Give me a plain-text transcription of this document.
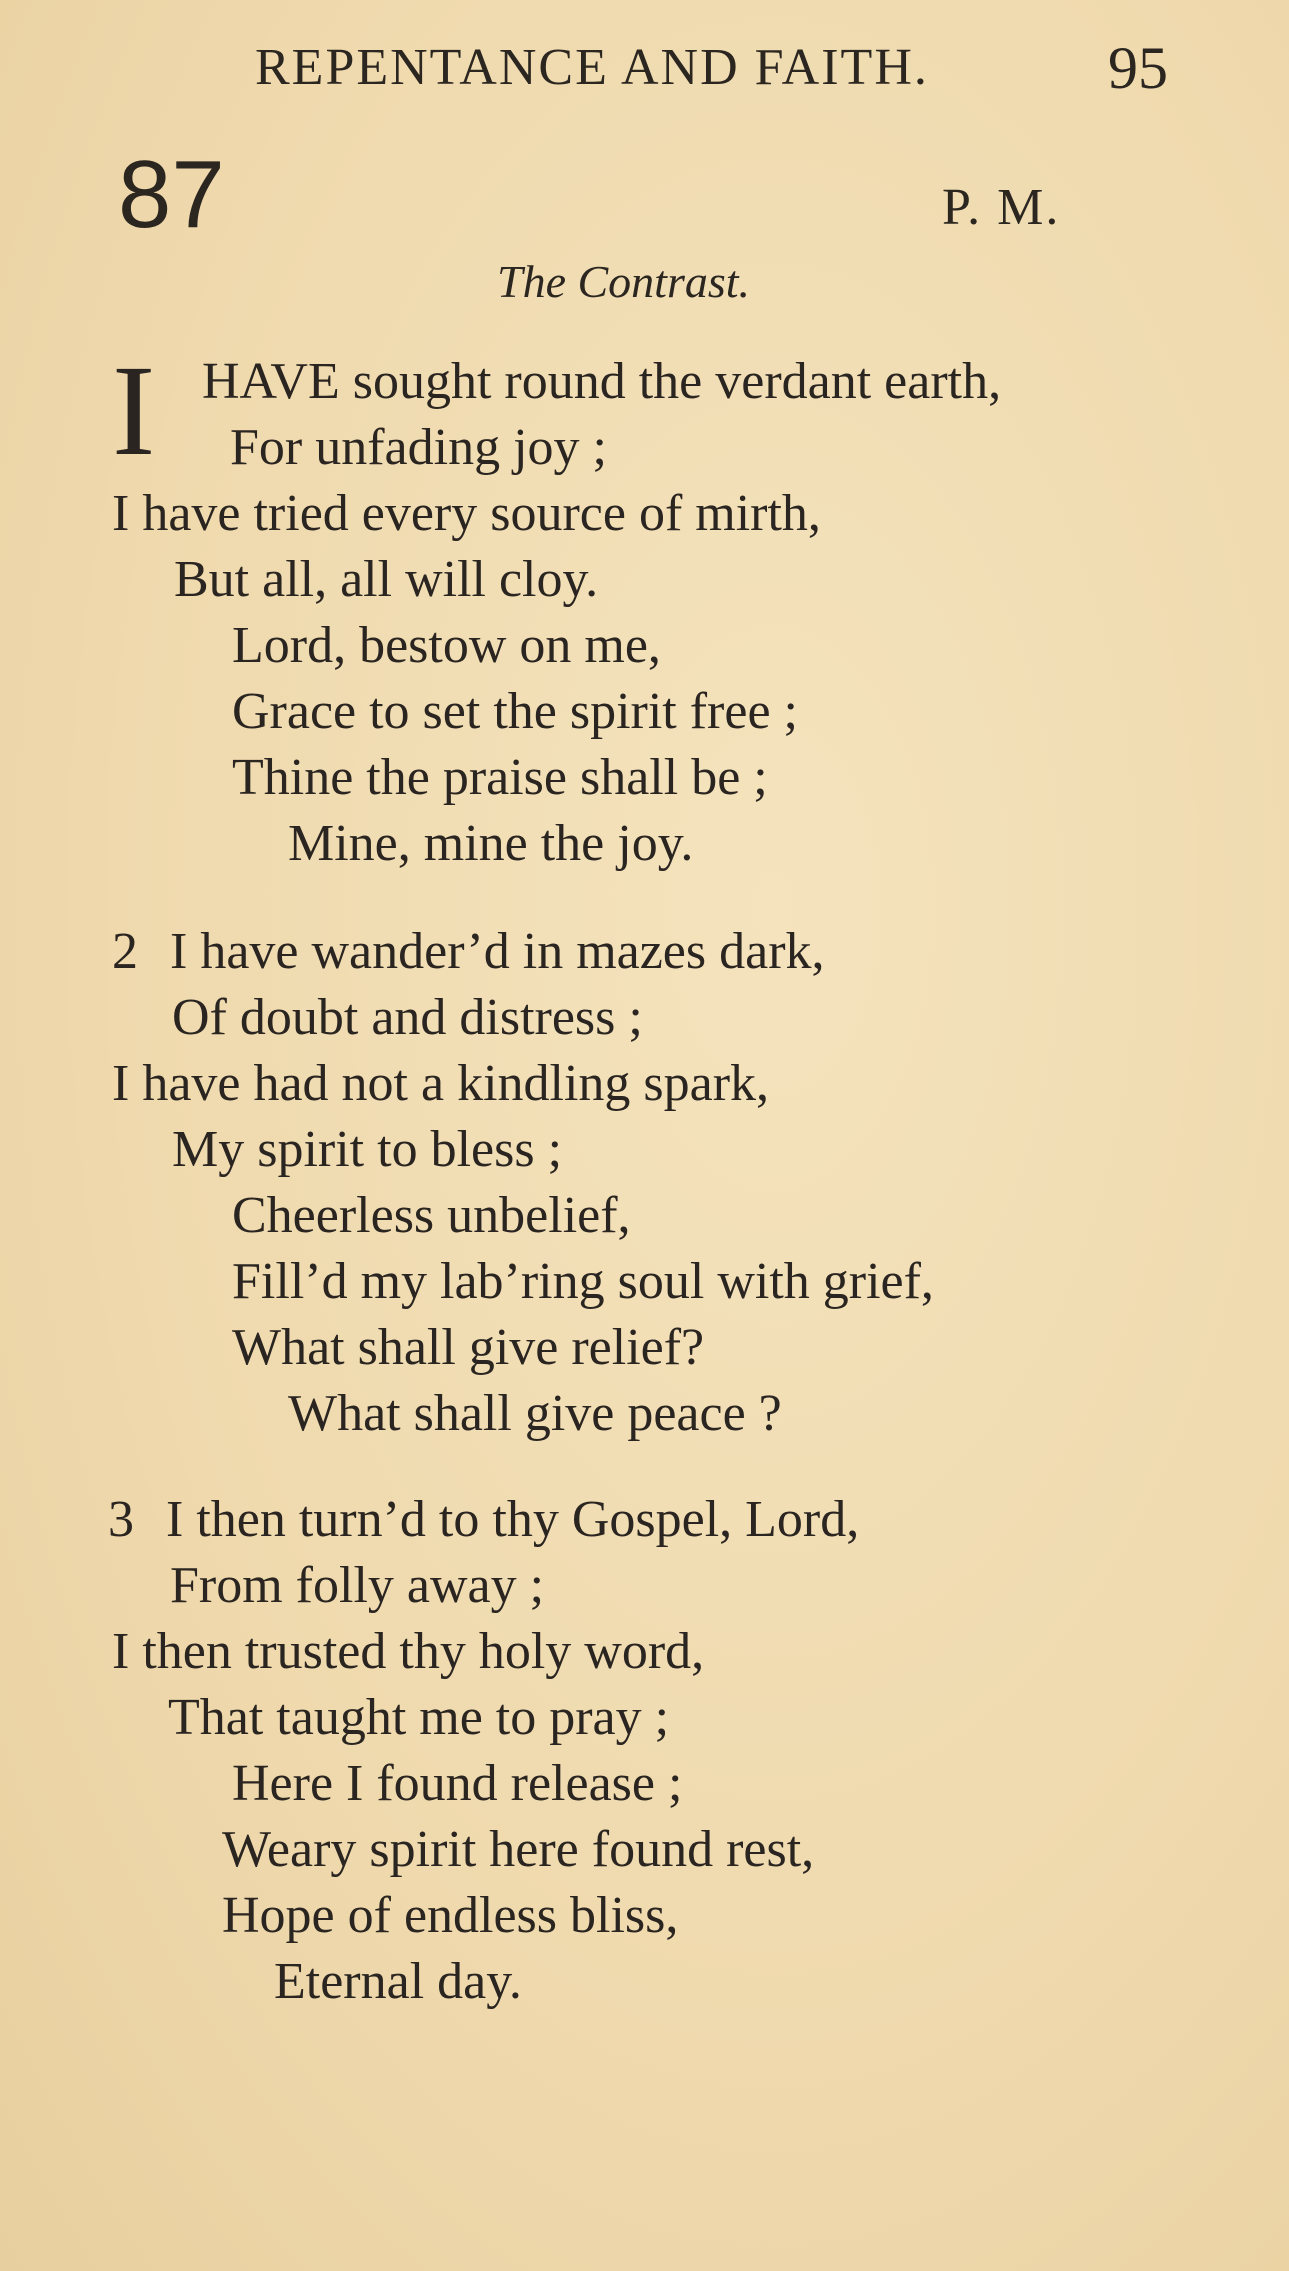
REPENTANCE AND FAITH.	95
87	P. M.
The Contrast.
I HAVE sought round the verdant earth,
For unfading joy ;
I have tried every source of mirth,
But all, all will cloy.
Lord, bestow on me,
Grace to set the spirit free ;
Thine the praise shall be ;
Mine, mine the joy.
2 I have wander’d in mazes dark,
Of doubt and distress ;
I have had not a kindling spark,
My spirit to bless ;
Cheerless unbelief,
Fill’d my lab’ring soul with grief,
What shall give relief?
What shall give peace ?
3 I then turn’d to thy Gospel, Lord,
From folly away ;
I then trusted thy holy word,
That taught me to pray ;
Here I found release ;
Weary spirit here found rest,
Hope of endless bliss,
Eternal day.
